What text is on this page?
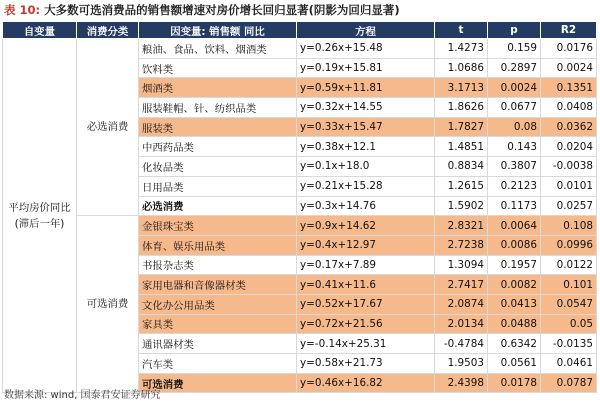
表 10: 大多数可选消费品的销售额增速对房价增长回归显著(阴影为回归显著)
自变量	消费分类	因变量: 销售额 同比	方程	t	p	R2
平均房价同比(滞后一年)	必选消费	粮油、食品、饮料、烟酒类	y=0.26x+15.48	1.4273	0.159	0.0176
		饮料类	y=0.19x+15.81	1.0686	0.2897	0.0024
		烟酒类	y=0.59x+11.81	3.1713	0.0024	0.1351
		服装鞋帽、针、纺织品类	y=0.32x+14.55	1.8626	0.0677	0.0408
		服装类	y=0.33x+15.47	1.7827	0.08	0.0362
		中西药品类	y=0.38x+12.1	1.4851	0.143	0.0204
		化妆品类	y=0.1x+18.0	0.8834	0.3807	-0.0038
		日用品类	y=0.21x+15.28	1.2615	0.2123	0.0101
		必选消费	y=0.3x+14.76	1.5902	0.1173	0.0257
	可选消费	金银珠宝类	y=0.9x+14.62	2.8321	0.0064	0.108
		体育、娱乐用品类	y=0.4x+12.97	2.7238	0.0086	0.0996
		书报杂志类	y=0.17x+7.89	1.3094	0.1957	0.0122
		家用电器和音像器材类	y=0.41x+11.6	2.7417	0.0082	0.101
		文化办公用品类	y=0.52x+17.67	2.0874	0.0413	0.0547
		家具类	y=0.72x+21.56	2.0134	0.0488	0.05
		通讯器材类	y=-0.14x+25.31	-0.4784	0.6342	-0.0135
		汽车类	y=0.58x+21.73	1.9503	0.0561	0.0461
		可选消费	y=0.46x+16.82	2.4398	0.0178	0.0787
数据来源: wind, 国泰君安证券研究
